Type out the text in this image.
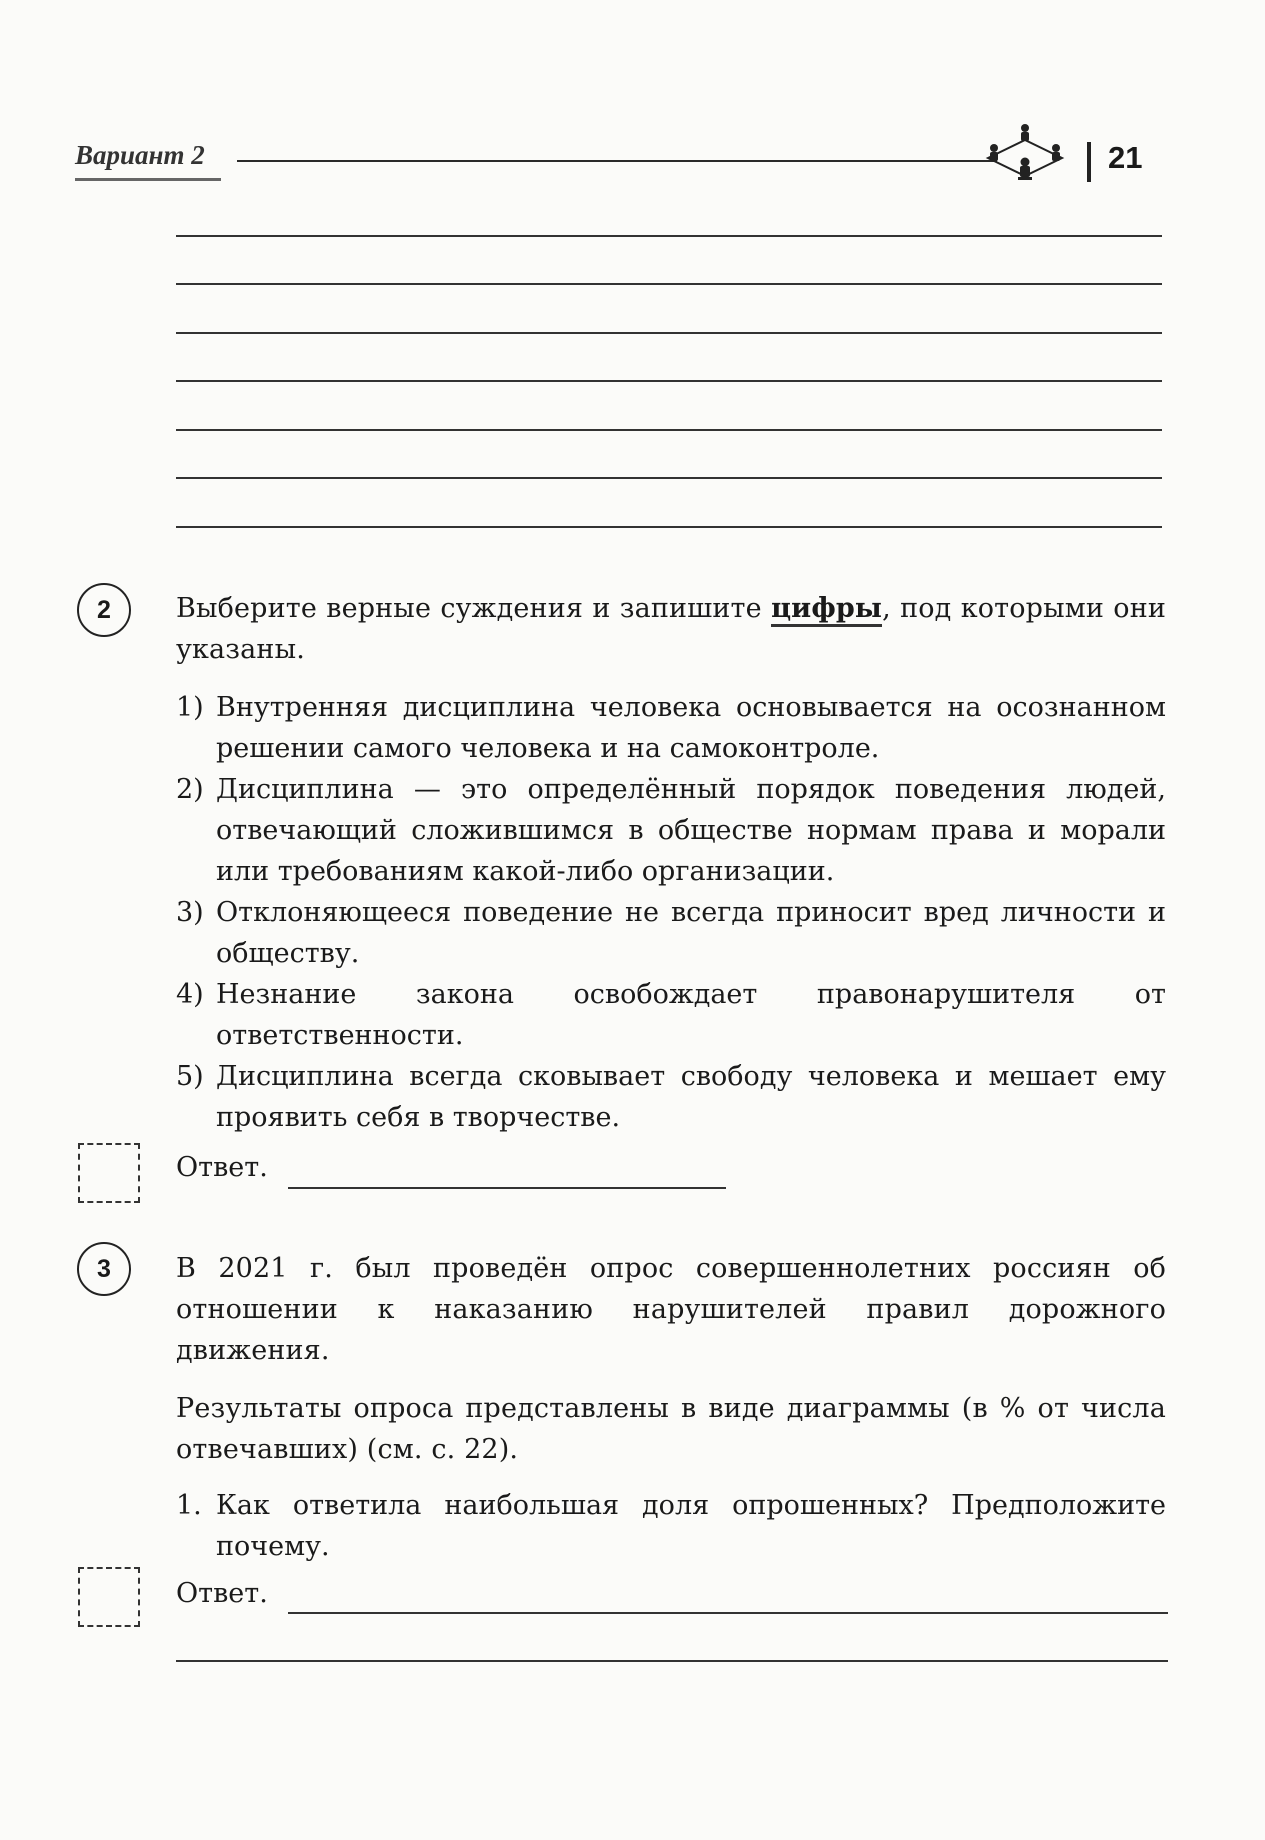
Вариант 2	21
2	Выберите верные суждения и запишите цифры, под которыми они указаны.
1) Внутренняя дисциплина человека основывается на осознанном решении самого человека и на самоконтроле.
2) Дисциплина — это определённый порядок поведения людей, отвечающий сложившимся в обществе нормам права и морали или требованиям какой-либо организации.
3) Отклоняющееся поведение не всегда приносит вред личности и обществу.
4) Незнание закона освобождает правонарушителя от ответственности.
5) Дисциплина всегда сковывает свободу человека и мешает ему проявить себя в творчестве.
Ответ.
3	В 2021 г. был проведён опрос совершеннолетних россиян об отношении к наказанию нарушителей правил дорожного движения.
Результаты опроса представлены в виде диаграммы (в % от числа отвечавших) (см. с. 22).
1. Как ответила наибольшая доля опрошенных? Предположите почему.
Ответ.
